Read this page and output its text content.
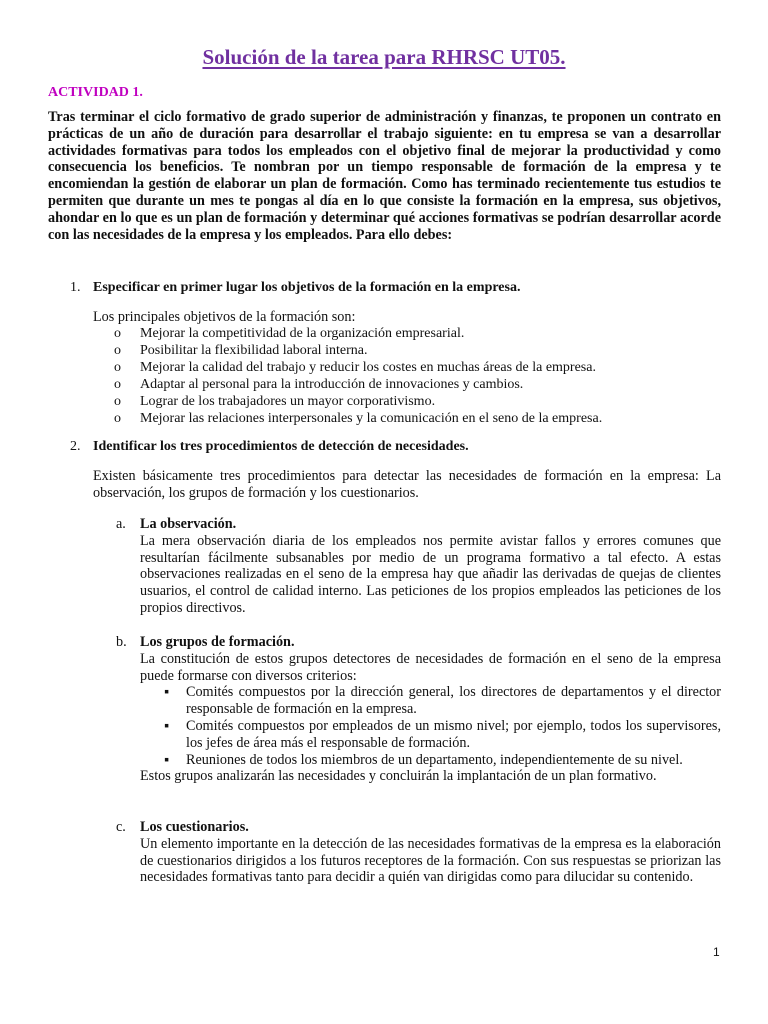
Solución de la tarea para RHRSC UT05.
ACTIVIDAD 1.
Tras terminar el ciclo formativo de grado superior de administración y finanzas, te proponen un contrato en prácticas de un año de duración para desarrollar el trabajo siguiente: en tu empresa se van a desarrollar actividades formativas para todos los empleados con el objetivo final de mejorar la productividad y como consecuencia los beneficios. Te nombran por un tiempo responsable de formación de la empresa y te encomiendan la gestión de elaborar un plan de formación. Como has terminado recientemente tus estudios te permiten que durante un mes te pongas al día en lo que consiste la formación en la empresa, sus objetivos, ahondar en lo que es un plan de formación y determinar qué acciones formativas se podrían desarrollar acorde con las necesidades de la empresa y los empleados. Para ello debes:
1. Especificar en primer lugar los objetivos de la formación en la empresa.
Los principales objetivos de la formación son:
o	Mejorar la competitividad de la organización empresarial.
o	Posibilitar la flexibilidad laboral interna.
o	Mejorar la calidad del trabajo y reducir los costes en muchas áreas de la empresa.
o	Adaptar al personal para la introducción de innovaciones y cambios.
o	Lograr de los trabajadores un mayor corporativismo.
o	Mejorar las relaciones interpersonales y la comunicación en el seno de la empresa.
2. Identificar los tres procedimientos de detección de necesidades.
Existen básicamente tres procedimientos para detectar las necesidades de formación en la empresa: La observación, los grupos de formación y los cuestionarios.
a. La observación.
La mera observación diaria de los empleados nos permite avistar fallos y errores comunes que resultarían fácilmente subsanables por medio de un programa formativo a tal efecto. A estas observaciones realizadas en el seno de la empresa hay que añadir las derivadas de quejas de clientes usuarios, el control de calidad interno. Las peticiones de los propios empleados las peticiones de los propios directivos.
b. Los grupos de formación.
La constitución de estos grupos detectores de necesidades de formación en el seno de la empresa puede formarse con diversos criterios:
▪ Comités compuestos por la dirección general, los directores de departamentos y el director responsable de formación en la empresa.
▪ Comités compuestos por empleados de un mismo nivel; por ejemplo, todos los supervisores, los jefes de área más el responsable de formación.
▪ Reuniones de todos los miembros de un departamento, independientemente de su nivel.
Estos grupos analizarán las necesidades y concluirán la implantación de un plan formativo.
c. Los cuestionarios.
Un elemento importante en la detección de las necesidades formativas de la empresa es la elaboración de cuestionarios dirigidos a los futuros receptores de la formación. Con sus respuestas se priorizan las necesidades formativas tanto para decidir a quién van dirigidas como para dilucidar su contenido.
1
